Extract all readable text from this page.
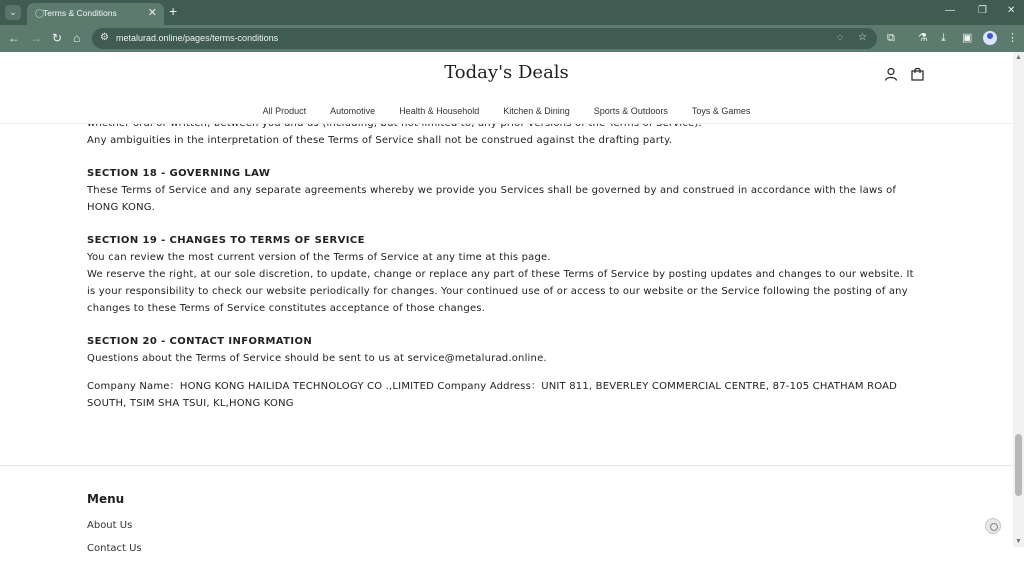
⌄	Terms & Conditions	✕ +	— ❐ ✕
← → ↻ ⌂ ⚙ metalurad.online/pages/terms-conditions	◌ ☆ ⧉ ⚗ ⤓ ▣	⋮
Today's Deals
All Product	Automotive	Health & Household	Kitchen & Dining	Sports & Outdoors	Toys & Games

Any ambiguities in the interpretation of these Terms of Service shall not be construed against the drafting party.

SECTION 18 - GOVERNING LAW

These Terms of Service and any separate agreements whereby we provide you Services shall be governed by and construed in accordance with the laws of HONG KONG.

SECTION 19 - CHANGES TO TERMS OF SERVICE

You can review the most current version of the Terms of Service at any time at this page.

We reserve the right, at our sole discretion, to update, change or replace any part of these Terms of Service by posting updates and changes to our website. It is your responsibility to check our website periodically for changes. Your continued use of or access to our website or the Service following the posting of any changes to these Terms of Service constitutes acceptance of those changes.

SECTION 20 - CONTACT INFORMATION

Questions about the Terms of Service should be sent to us at service@metalurad.online.

Company Name：HONG KONG HAILIDA TECHNOLOGY CO .,LIMITED Company Address：UNIT 811, BEVERLEY COMMERCIAL CENTRE, 87-105 CHATHAM ROAD SOUTH, TSIM SHA TSUI, KL,HONG KONG

Menu
About Us
Contact Us
▲
▼
